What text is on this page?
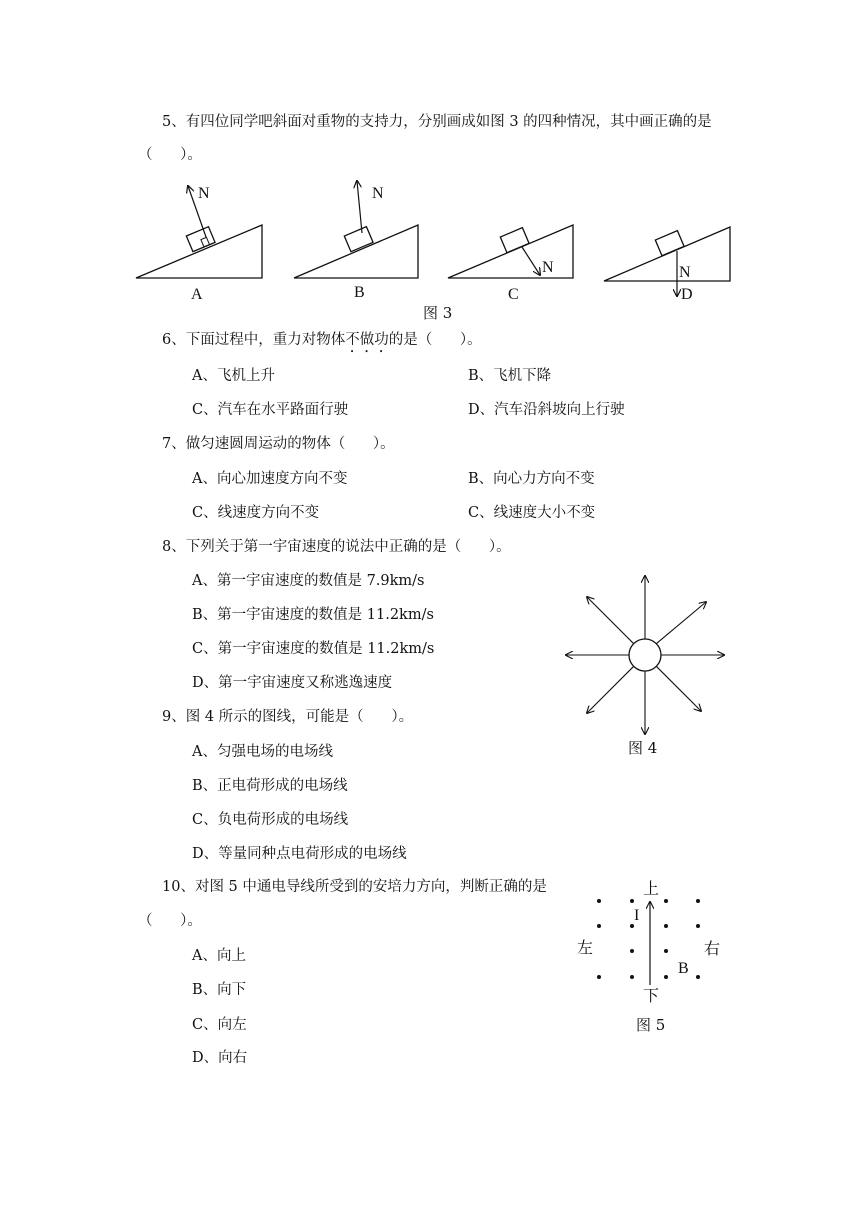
5、有四位同学吧斜面对重物的支持力，分别画成如图 3 的四种情况，其中画正确的是
（      ）。
N
A
N
B
N
C
N
D
图 3
6、下面过程中，重力对物体不做功的是（      ）。
A、飞机上升	B、飞机下降
C、汽车在水平路面行驶	D、汽车沿斜坡向上行驶
7、做匀速圆周运动的物体（      ）。
A、向心加速度方向不变	B、向心力方向不变
C、线速度方向不变	C、线速度大小不变
8、下列关于第一宇宙速度的说法中正确的是（      ）。
A、第一宇宙速度的数值是 7.9km/s
B、第一宇宙速度的数值是 11.2km/s
C、第一宇宙速度的数值是 11.2km/s
D、第一宇宙速度又称逃逸速度
图 4
9、图 4 所示的图线，可能是（      ）。
A、匀强电场的电场线
B、正电荷形成的电场线
C、负电荷形成的电场线
D、等量同种点电荷形成的电场线
10、对图 5 中通电导线所受到的安培力方向，判断正确的是
（      ）。
A、向上
B、向下
C、向左
D、向右
上
下
左	右
I
B
图 5
